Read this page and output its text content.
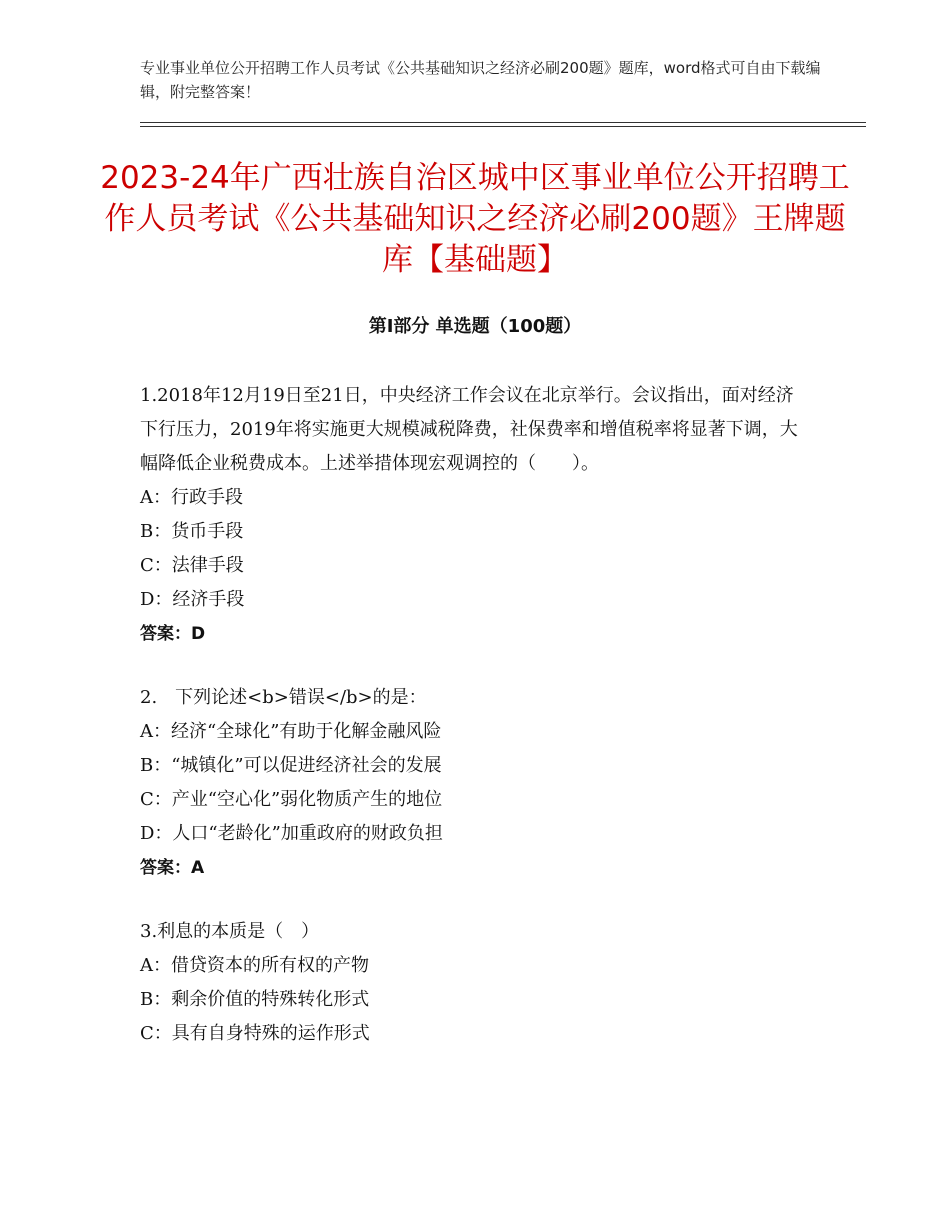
专业事业单位公开招聘工作人员考试《公共基础知识之经济必刷200题》题库，word格式可自由下载编辑，附完整答案！
2023-24年广西壮族自治区城中区事业单位公开招聘工作人员考试《公共基础知识之经济必刷200题》王牌题库【基础题】
第Ⅰ部分 单选题（100题）

1.2018年12月19日至21日，中央经济工作会议在北京举行。会议指出，面对经济下行压力，2019年将实施更大规模减税降费，社保费率和增值税率将显著下调，大幅降低企业税费成本。上述举措体现宏观调控的（　　）。

A：行政手段

B：货币手段

C：法律手段

D：经济手段

答案：D

2.　下列论述<b>错误</b>的是：

A：经济“全球化”有助于化解金融风险

B：“城镇化”可以促进经济社会的发展

C：产业“空心化”弱化物质产生的地位

D：人口“老龄化”加重政府的财政负担

答案：A

3.利息的本质是（　）

A：借贷资本的所有权的产物

B：剩余价值的特殊转化形式

C：具有自身特殊的运作形式
